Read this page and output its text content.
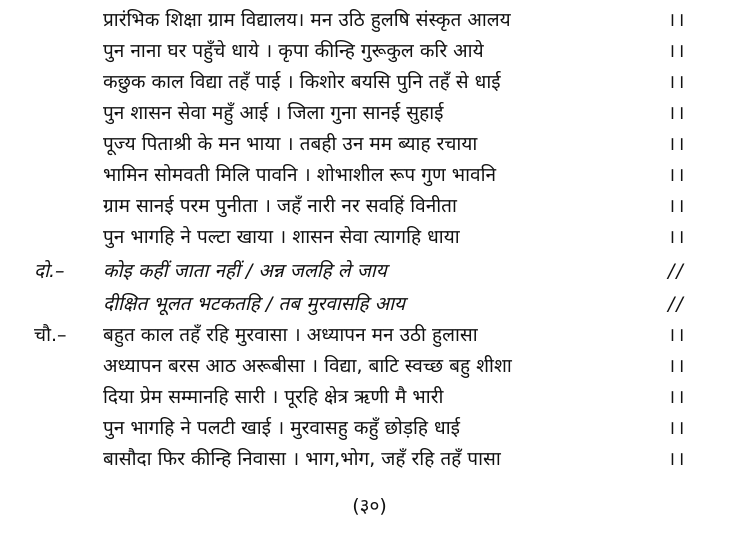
प्रारंभिक शिक्षा ग्राम विद्यालय। मन उठि हुलषि संस्कृत आलय	।।
पुन नाना घर पहुँचे धाये । कृपा कीन्हि गुरूकुल करि आये	।।
कछुक काल विद्या तहँ पाई । किशोर बयसि पुनि तहँ से धाई	।।
पुन शासन सेवा महुँ आई । जिला गुना सानई सुहाई	।।
पूज्य पिताश्री के मन भाया । तबही उन मम ब्याह रचाया	।।
भामिन सोमवती मिलि पावनि । शोभाशील रूप गुण भावनि	।।
ग्राम सानई परम पुनीता । जहँ नारी नर सवहिं विनीता	।।
पुन भागहि ने पल्टा खाया । शासन सेवा त्यागहि धाया	।।
दो.– कोइ कहीं जाता नहीं / अन्न जलहि ले जाय	//
दीक्षित भूलत भटकतहि / तब मुरवासहि आय	//
चौ.– बहुत काल तहँ रहि मुरवासा । अध्यापन मन उठी हुलासा	।।
अध्यापन बरस आठ अरूबीसा । विद्या, बाटि स्वच्छ बहु शीशा	।।
दिया प्रेम सम्मानहि सारी । पूरहि क्षेत्र ऋणी मै भारी	।।
पुन भागहि ने पलटी खाई । मुरवासहु कहुँ छोड़हि धाई	।।
बासौदा फिर कीन्हि निवासा । भाग,भोग, जहँ रहि तहँ पासा	।।
(३०)
